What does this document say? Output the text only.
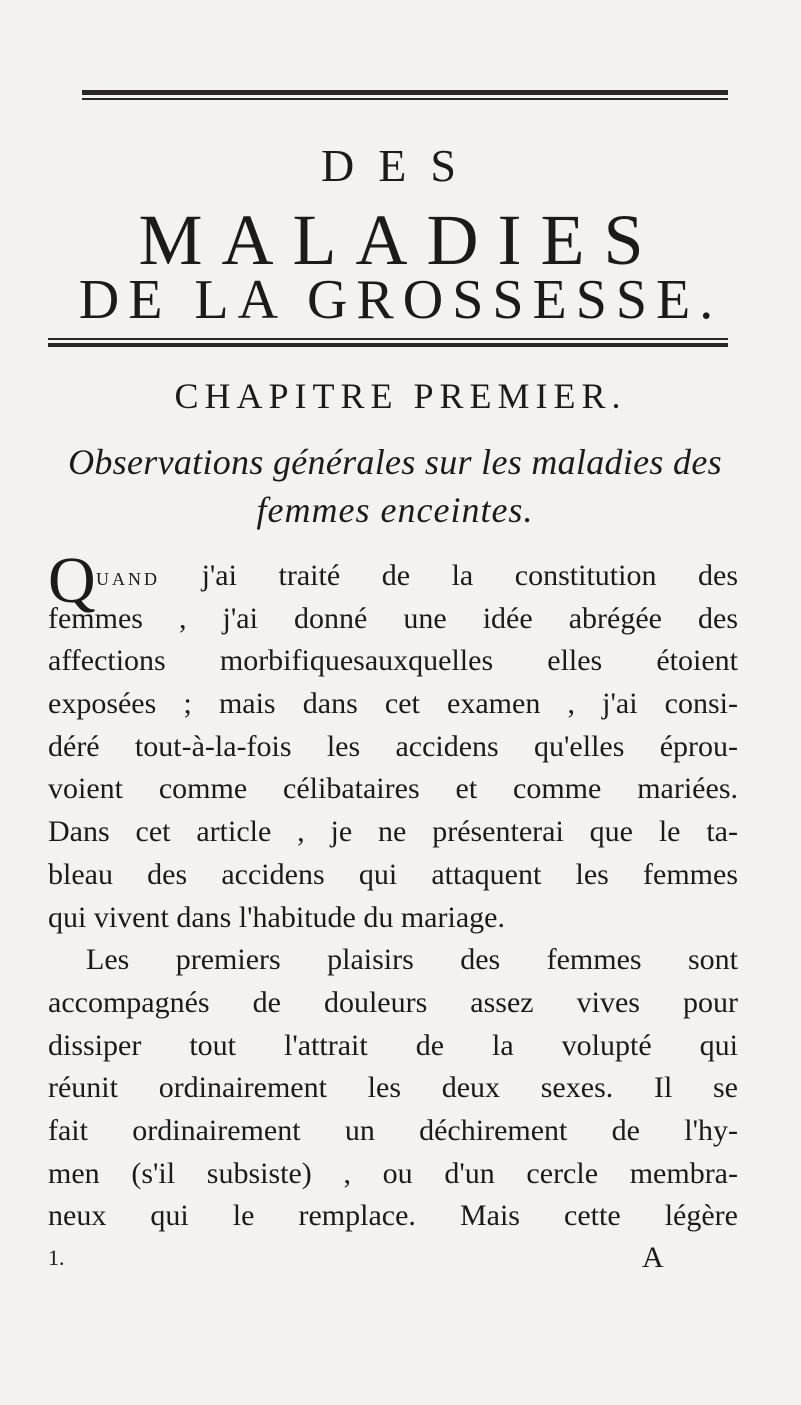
DES
MALADIES
DE LA GROSSESSE.
CHAPITRE PREMIER.
Observations générales sur les maladies des
femmes enceintes.
Q uand j'ai traité de la constitution des
femmes , j'ai donné une idée abrégée des
affections morbifiquesauxquelles elles étoient
exposées ; mais dans cet examen , j'ai consi-
déré tout-à-la-fois les accidens qu'elles éprou-
voient comme célibataires et comme mariées.
Dans cet article , je ne présenterai que le ta-
bleau des accidens qui attaquent les femmes
qui vivent dans l'habitude du mariage.
Les premiers plaisirs des femmes sont
accompagnés de douleurs assez vives pour
dissiper tout l'attrait de la volupté qui
réunit ordinairement les deux sexes. Il se
fait ordinairement un déchirement de l'hy-
men (s'il subsiste) , ou d'un cercle membra-
neux qui le remplace. Mais cette légère
1.	A
